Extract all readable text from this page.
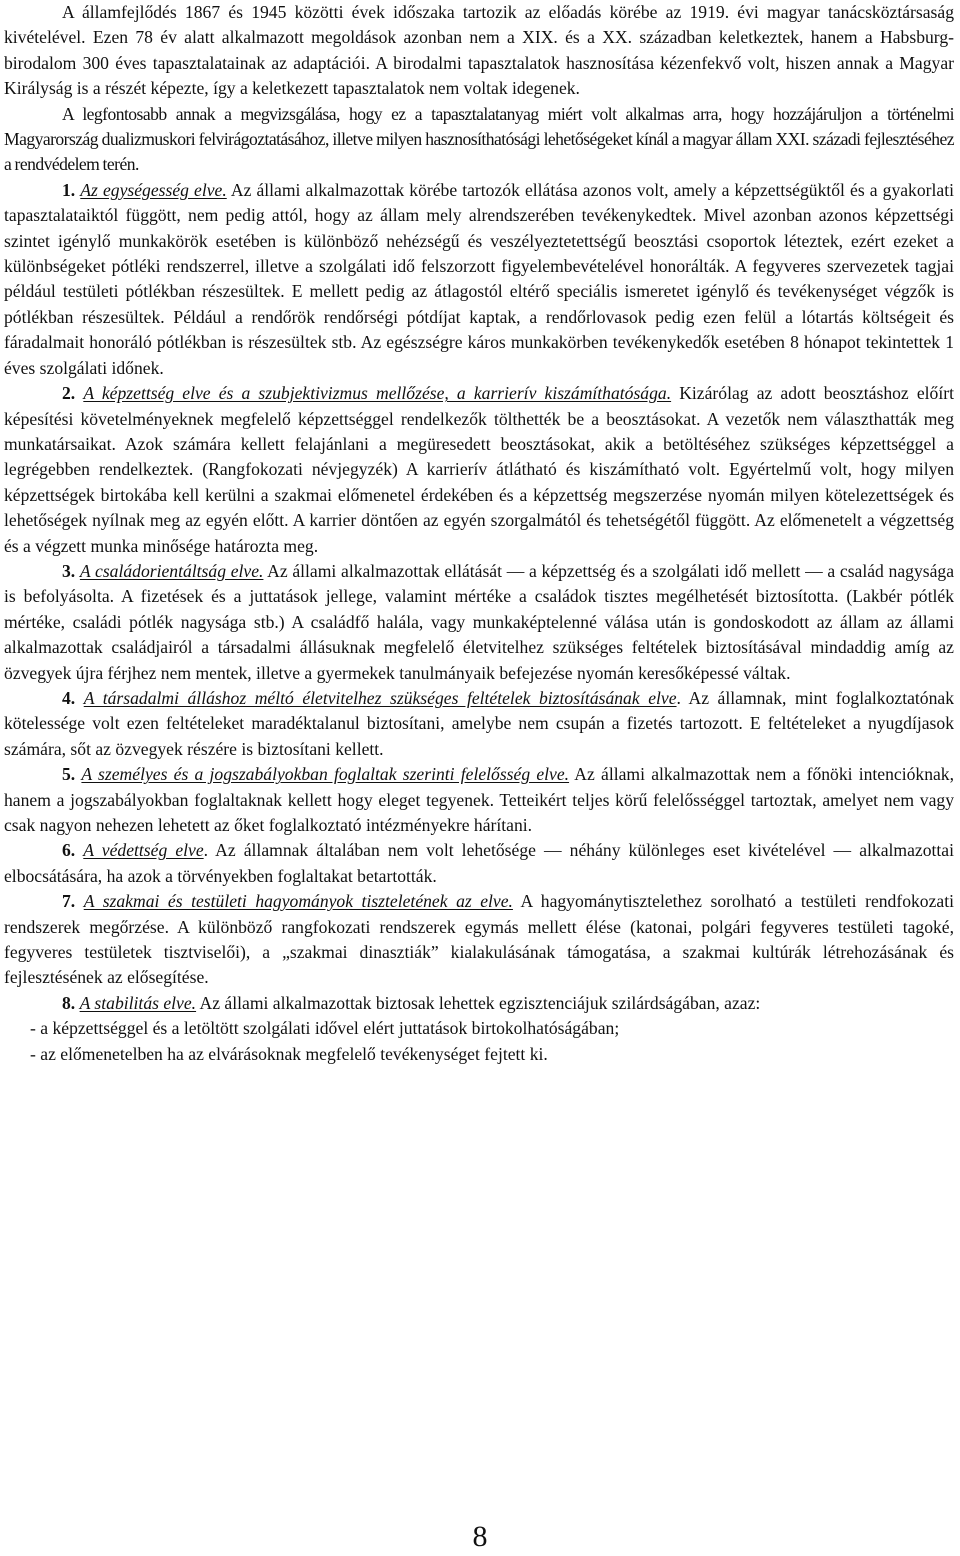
A államfejlődés 1867 és 1945 közötti évek időszaka tartozik az előadás körébe az 1919. évi magyar tanácsköztársaság kivételével. Ezen 78 év alatt alkalmazott megoldások azonban nem a XIX. és a XX. században keletkeztek, hanem a Habsburg-birodalom 300 éves tapasztalatainak az adaptációi. A birodalmi tapasztalatok hasznosítása kézenfekvő volt, hiszen annak a Magyar Királyság is a részét képezte, így a keletkezett tapasztalatok nem voltak idegenek.

A legfontosabb annak a megvizsgálása, hogy ez a tapasztalatanyag miért volt alkalmas arra, hogy hozzájáruljon a történelmi Magyarország dualizmuskori felvirágoztatásához, illetve milyen hasznosíthatósági lehetőségeket kínál a magyar állam XXI. századi fejlesztéséhez a rendvédelem terén.

1. Az egységesség elve. Az állami alkalmazottak körébe tartozók ellátása azonos volt, amely a képzettségüktől és a gyakorlati tapasztalataiktól függött, nem pedig attól, hogy az állam mely alrendszerében tevékenykedtek. Mivel azonban azonos képzettségi szintet igénylő munkakörök esetében is különböző nehézségű és veszélyeztetettségű beosztási csoportok léteztek, ezért ezeket a különbségeket pótléki rendszerrel, illetve a szolgálati idő felszorzott figyelembevételével honorálták. A fegyveres szervezetek tagjai például testületi pótlékban részesültek. E mellett pedig az átlagostól eltérő speciális ismeretet igénylő és tevékenységet végzők is pótlékban részesültek. Például a rendőrök rendőrségi pótdíjat kaptak, a rendőrlovasok pedig ezen felül a lótartás költségeit és fáradalmait honoráló pótlékban is részesültek stb. Az egészségre káros munkakörben tevékenykedők esetében 8 hónapot tekintettek 1 éves szolgálati időnek.

2. A képzettség elve és a szubjektivizmus mellőzése, a karrierív kiszámíthatósága. Kizárólag az adott beosztáshoz előírt képesítési követelményeknek megfelelő képzettséggel rendelkezők tölthették be a beosztásokat. A vezetők nem választhatták meg munkatársaikat. Azok számára kellett felajánlani a megüresedett beosztásokat, akik a betöltéséhez szükséges képzettséggel a legrégebben rendelkeztek. (Rangfokozati névjegyzék) A karrierív átlátható és kiszámítható volt. Egyértelmű volt, hogy milyen képzettségek birtokába kell kerülni a szakmai előmenetel érdekében és a képzettség megszerzése nyomán milyen kötelezettségek és lehetőségek nyílnak meg az egyén előtt. A karrier döntően az egyén szorgalmától és tehetségétől függött. Az előmenetelt a végzettség és a végzett munka minősége határozta meg.

3. A családorientáltság elve. Az állami alkalmazottak ellátását — a képzettség és a szolgálati idő mellett — a család nagysága is befolyásolta. A fizetések és a juttatások jellege, valamint mértéke a családok tisztes megélhetését biztosította. (Lakbér pótlék mértéke, családi pótlék nagysága stb.) A családfő halála, vagy munkaképtelenné válása után is gondoskodott az állam az állami alkalmazottak családjairól a társadalmi állásuknak megfelelő életvitelhez szükséges feltételek biztosításával mindaddig amíg az özvegyek újra férjhez nem mentek, illetve a gyermekek tanulmányaik befejezése nyomán keresőképessé váltak.

4. A társadalmi álláshoz méltó életvitelhez szükséges feltételek biztosításának elve. Az államnak, mint foglalkoztatónak kötelessége volt ezen feltételeket maradéktalanul biztosítani, amelybe nem csupán a fizetés tartozott. E feltételeket a nyugdíjasok számára, sőt az özvegyek részére is biztosítani kellett.

5. A személyes és a jogszabályokban foglaltak szerinti felelősség elve. Az állami alkalmazottak nem a főnöki intencióknak, hanem a jogszabályokban foglaltaknak kellett hogy eleget tegyenek. Tetteikért teljes körű felelősséggel tartoztak, amelyet nem vagy csak nagyon nehezen lehetett az őket foglalkoztató intézményekre hárítani.

6. A védettség elve. Az államnak általában nem volt lehetősége — néhány különleges eset kivételével — alkalmazottai elbocsátására, ha azok a törvényekben foglaltakat betartották.

7. A szakmai és testületi hagyományok tiszteletének az elve. A hagyománytisztelethez sorolható a testületi rendfokozati rendszerek megőrzése. A különböző rangfokozati rendszerek egymás mellett élése (katonai, polgári fegyveres testületi tagoké, fegyveres testületek tisztviselői), a „szakmai dinasztiák” kialakulásának támogatása, a szakmai kultúrák létrehozásának és fejlesztésének az elősegítése.

8. A stabilitás elve. Az állami alkalmazottak biztosak lehettek egzisztenciájuk szilárdságában, azaz:

- a képzettséggel és a letöltött szolgálati idővel elért juttatások birtokolhatóságában;

- az előmenetelben ha az elvárásoknak megfelelő tevékenységet fejtett ki.

8
